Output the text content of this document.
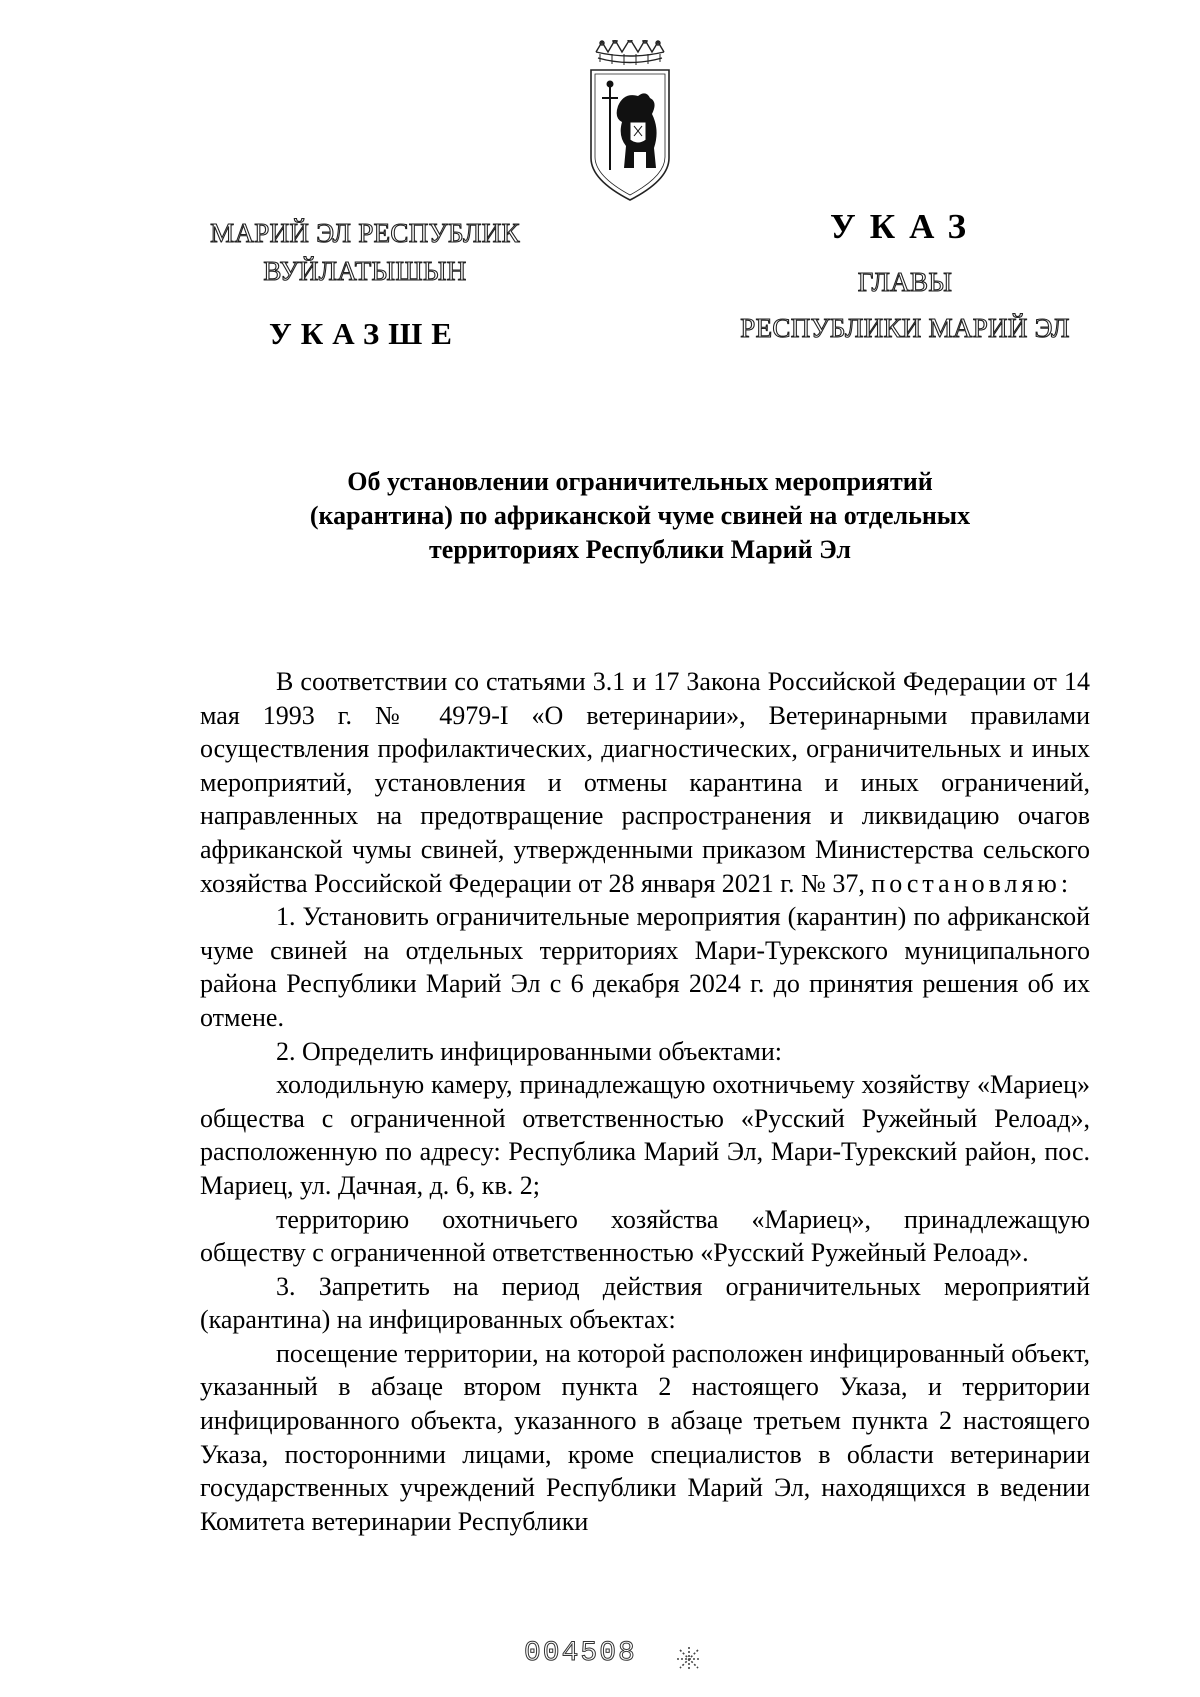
МАРИЙ ЭЛ РЕСПУБЛИК
ВУЙЛАТЫШЫН
УКАЗШЕ
УКАЗ
ГЛАВЫ
РЕСПУБЛИКИ МАРИЙ ЭЛ
Об установлении ограничительных мероприятий
(карантина) по африканской чуме свиней на отдельных
территориях Республики Марий Эл

В соответствии со статьями 3.1 и 17 Закона Российской Федерации от 14 мая 1993 г. № 4979-I «О ветеринарии», Ветеринарными правилами осуществления профилактических, диагностических, ограничительных и иных мероприятий, установления и отмены карантина и иных ограничений, направленных на предотвращение распространения и ликвидацию очагов африканской чумы свиней, утвержденными приказом Министерства сельского хозяйства Российской Федерации от 28 января 2021 г. № 37, постановляю:

1. Установить ограничительные мероприятия (карантин) по африканской чуме свиней на отдельных территориях Мари-Турекского муниципального района Республики Марий Эл с 6 декабря 2024 г. до принятия решения об их отмене.

2. Определить инфицированными объектами:

холодильную камеру, принадлежащую охотничьему хозяйству «Мариец» общества с ограниченной ответственностью «Русский Ружейный Релоад», расположенную по адресу: Республика Марий Эл, Мари-Турекский район, пос. Мариец, ул. Дачная, д. 6, кв. 2;

территорию охотничьего хозяйства «Мариец», принадлежащую обществу с ограниченной ответственностью «Русский Ружейный Релоад».

3. Запретить на период действия ограничительных мероприятий (карантина) на инфицированных объектах:

посещение территории, на которой расположен инфицированный объект, указанный в абзаце втором пункта 2 настоящего Указа, и территории инфицированного объекта, указанного в абзаце третьем пункта 2 настоящего Указа, посторонними лицами, кроме специалистов в области ветеринарии государственных учреждений Республики Марий Эл, находящихся в ведении Комитета ветеринарии Республики

004508
